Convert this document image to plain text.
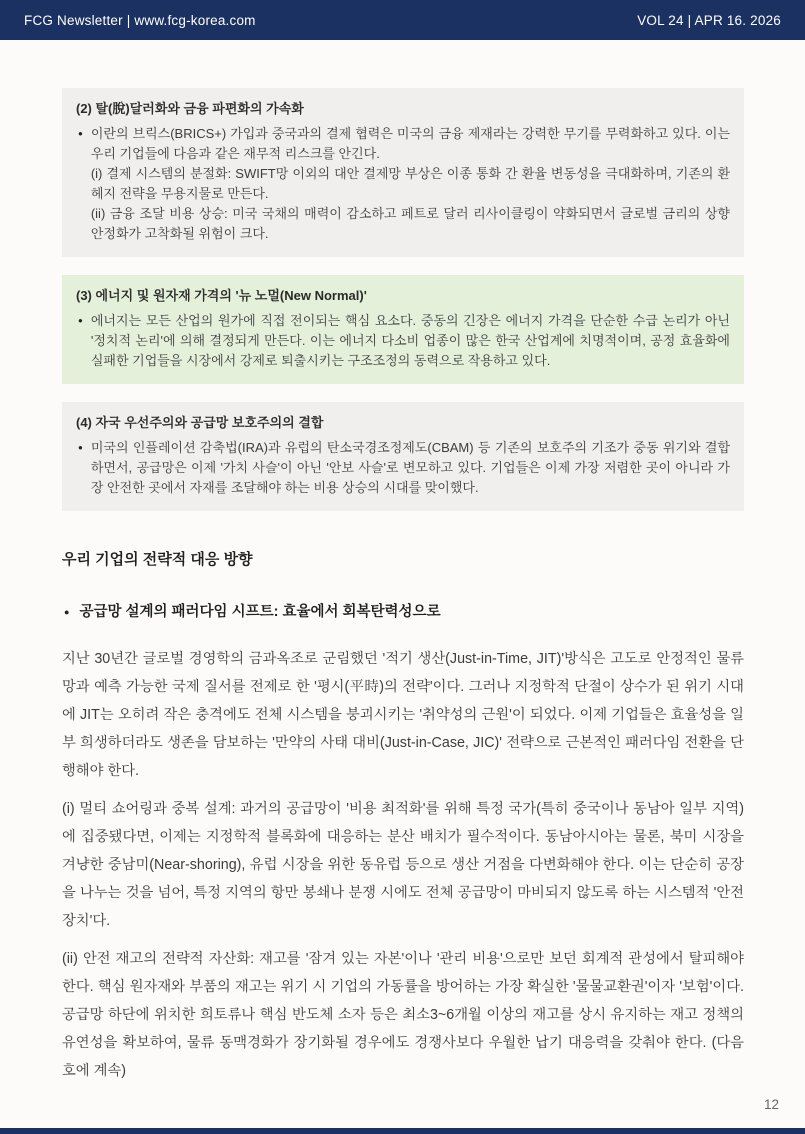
FCG Newsletter | www.fcg-korea.com	VOL 24 | APR 16. 2026
(2) 탈(脫)달러화와 금융 파편화의 가속화
● 이란의 브릭스(BRICS+) 가입과 중국과의 결제 협력은 미국의 금융 제재라는 강력한 무기를 무력화하고 있다. 이는 우리 기업들에 다음과 같은 재무적 리스크를 안긴다.
(i) 결제 시스템의 분절화: SWIFT망 이외의 대안 결제망 부상은 이종 통화 간 환율 변동성을 극대화하며, 기존의 환헤지 전략을 무용지물로 만든다.
(ii) 금융 조달 비용 상승: 미국 국채의 매력이 감소하고 페트로 달러 리사이클링이 약화되면서 글로벌 금리의 상향 안정화가 고착화될 위험이 크다.
(3) 에너지 및 원자재 가격의 '뉴 노멀(New Normal)'
● 에너지는 모든 산업의 원가에 직접 전이되는 핵심 요소다. 중동의 긴장은 에너지 가격을 단순한 수급 논리가 아닌 '정치적 논리'에 의해 결정되게 만든다. 이는 에너지 다소비 업종이 많은 한국 산업계에 치명적이며, 공정 효율화에 실패한 기업들을 시장에서 강제로 퇴출시키는 구조조정의 동력으로 작용하고 있다.
(4) 자국 우선주의와 공급망 보호주의의 결합
● 미국의 인플레이션 감축법(IRA)과 유럽의 탄소국경조정제도(CBAM) 등 기존의 보호주의 기조가 중동 위기와 결합하면서, 공급망은 이제 '가치 사슬'이 아닌 '안보 사슬'로 변모하고 있다. 기업들은 이제 가장 저렴한 곳이 아니라 가장 안전한 곳에서 자재를 조달해야 하는 비용 상승의 시대를 맞이했다.
우리 기업의 전략적 대응 방향
● 공급망 설계의 패러다임 시프트: 효율에서 회복탄력성으로

지난 30년간 글로벌 경영학의 금과옥조로 군림했던 '적기 생산(Just-in-Time, JIT)'방식은 고도로 안정적인 물류망과 예측 가능한 국제 질서를 전제로 한 '평시(平時)의 전략'이다. 그러나 지정학적 단절이 상수가 된 위기 시대에 JIT는 오히려 작은 충격에도 전체 시스템을 붕괴시키는 '취약성의 근원'이 되었다. 이제 기업들은 효율성을 일부 희생하더라도 생존을 담보하는 '만약의 사태 대비(Just-in-Case, JIC)' 전략으로 근본적인 패러다임 전환을 단행해야 한다.

(i) 멀티 쇼어링과 중복 설계: 과거의 공급망이 '비용 최적화'를 위해 특정 국가(특히 중국이나 동남아 일부 지역)에 집중됐다면, 이제는 지정학적 블록화에 대응하는 분산 배치가 필수적이다. 동남아시아는 물론, 북미 시장을 겨냥한 중남미(Near-shoring), 유럽 시장을 위한 동유럽 등으로 생산 거점을 다변화해야 한다. 이는 단순히 공장을 나누는 것을 넘어, 특정 지역의 항만 봉쇄나 분쟁 시에도 전체 공급망이 마비되지 않도록 하는 시스템적 '안전장치'다.

(ii) 안전 재고의 전략적 자산화: 재고를 '잠겨 있는 자본'이나 '관리 비용'으로만 보던 회계적 관성에서 탈피해야 한다. 핵심 원자재와 부품의 재고는 위기 시 기업의 가동률을 방어하는 가장 확실한 '물물교환권'이자 '보험'이다. 공급망 하단에 위치한 희토류나 핵심 반도체 소자 등은 최소3~6개월 이상의 재고를 상시 유지하는 재고 정책의 유연성을 확보하여, 물류 동맥경화가 장기화될 경우에도 경쟁사보다 우월한 납기 대응력을 갖춰야 한다. (다음 호에 계속)

12
